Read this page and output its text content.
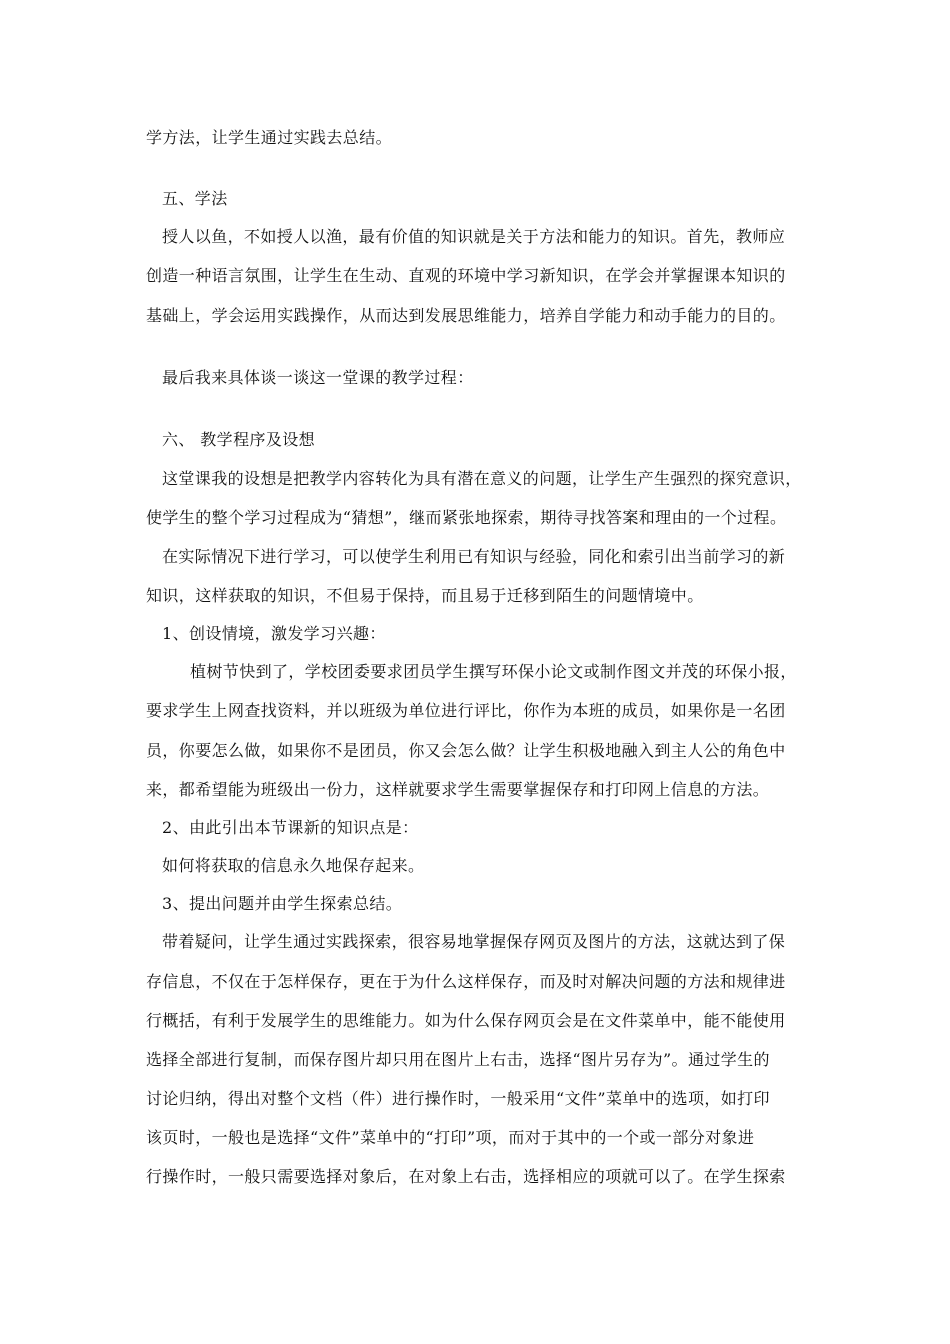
学方法，让学生通过实践去总结。
五、学法
授人以鱼，不如授人以渔，最有价值的知识就是关于方法和能力的知识。首先，教师应
创造一种语言氛围，让学生在生动、直观的环境中学习新知识，在学会并掌握课本知识的
基础上，学会运用实践操作，从而达到发展思维能力，培养自学能力和动手能力的目的。
最后我来具体谈一谈这一堂课的教学过程：
六、 教学程序及设想
这堂课我的设想是把教学内容转化为具有潜在意义的问题，让学生产生强烈的探究意识，
使学生的整个学习过程成为“猜想”，继而紧张地探索，期待寻找答案和理由的一个过程。
在实际情况下进行学习，可以使学生利用已有知识与经验，同化和索引出当前学习的新
知识，这样获取的知识，不但易于保持，而且易于迁移到陌生的问题情境中。
1、创设情境，激发学习兴趣：
植树节快到了，学校团委要求团员学生撰写环保小论文或制作图文并茂的环保小报，
要求学生上网查找资料，并以班级为单位进行评比，你作为本班的成员，如果你是一名团
员，你要怎么做，如果你不是团员，你又会怎么做？让学生积极地融入到主人公的角色中
来，都希望能为班级出一份力，这样就要求学生需要掌握保存和打印网上信息的方法。
2、由此引出本节课新的知识点是：
如何将获取的信息永久地保存起来。
3、提出问题并由学生探索总结。
带着疑问，让学生通过实践探索，很容易地掌握保存网页及图片的方法，这就达到了保
存信息，不仅在于怎样保存，更在于为什么这样保存，而及时对解决问题的方法和规律进
行概括，有利于发展学生的思维能力。如为什么保存网页会是在文件菜单中，能不能使用
选择全部进行复制，而保存图片却只用在图片上右击，选择“图片另存为”。通过学生的
讨论归纳，得出对整个文档（件）进行操作时，一般采用“文件”菜单中的选项，如打印
该页时，一般也是选择“文件”菜单中的“打印”项，而对于其中的一个或一部分对象进
行操作时，一般只需要选择对象后，在对象上右击，选择相应的项就可以了。在学生探索
